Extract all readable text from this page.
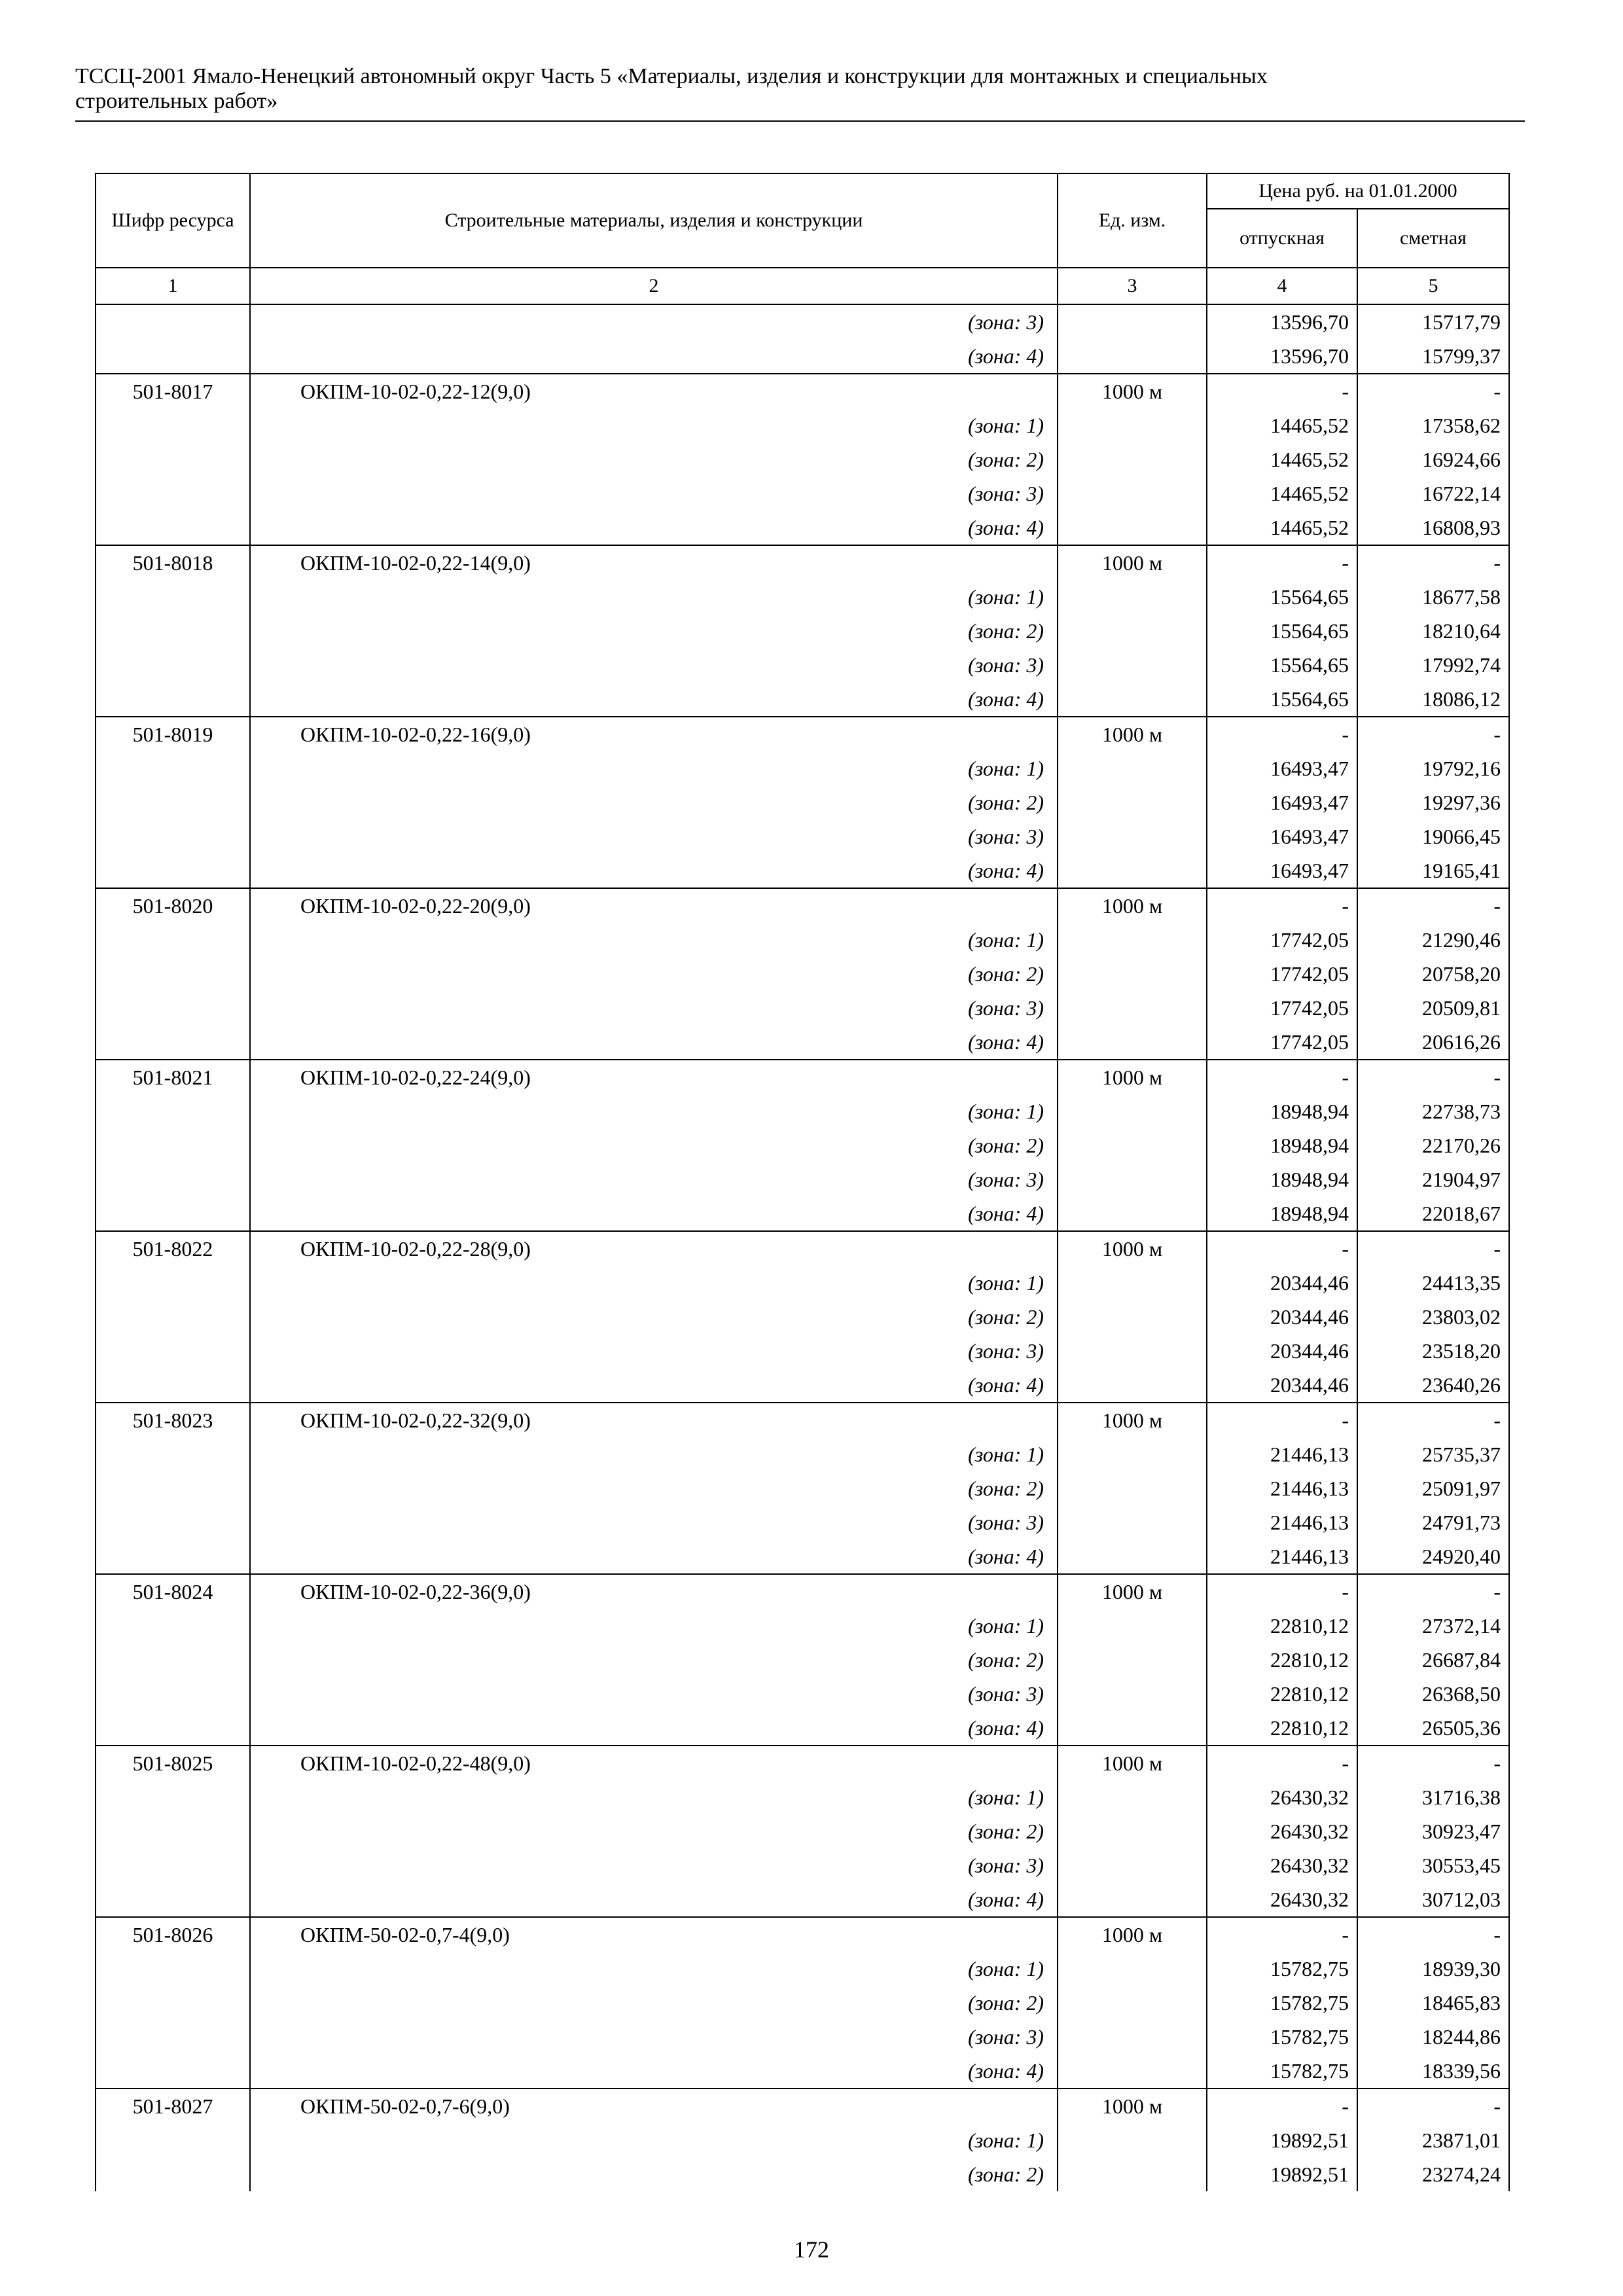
ТССЦ-2001 Ямало-Ненецкий автономный округ Часть 5 «Материалы, изделия и конструкции для монтажных и специальных
строительных работ»
Шифр ресурса	Строительные материалы, изделия и конструкции	Ед. изм.	Цена руб. на 01.01.2000	
			отпускная	сметная
1	2	3	4	5
	(зона: 3)		13596,70	15717,79
	(зона: 4)		13596,70	15799,37
501-8017	ОКПМ-10-02-0,22-12(9,0)	1000 м	-	-
	(зона: 1)		14465,52	17358,62
	(зона: 2)		14465,52	16924,66
	(зона: 3)		14465,52	16722,14
	(зона: 4)		14465,52	16808,93
501-8018	ОКПМ-10-02-0,22-14(9,0)	1000 м	-	-
	(зона: 1)		15564,65	18677,58
	(зона: 2)		15564,65	18210,64
	(зона: 3)		15564,65	17992,74
	(зона: 4)		15564,65	18086,12
501-8019	ОКПМ-10-02-0,22-16(9,0)	1000 м	-	-
	(зона: 1)		16493,47	19792,16
	(зона: 2)		16493,47	19297,36
	(зона: 3)		16493,47	19066,45
	(зона: 4)		16493,47	19165,41
501-8020	ОКПМ-10-02-0,22-20(9,0)	1000 м	-	-
	(зона: 1)		17742,05	21290,46
	(зона: 2)		17742,05	20758,20
	(зона: 3)		17742,05	20509,81
	(зона: 4)		17742,05	20616,26
501-8021	ОКПМ-10-02-0,22-24(9,0)	1000 м	-	-
	(зона: 1)		18948,94	22738,73
	(зона: 2)		18948,94	22170,26
	(зона: 3)		18948,94	21904,97
	(зона: 4)		18948,94	22018,67
501-8022	ОКПМ-10-02-0,22-28(9,0)	1000 м	-	-
	(зона: 1)		20344,46	24413,35
	(зона: 2)		20344,46	23803,02
	(зона: 3)		20344,46	23518,20
	(зона: 4)		20344,46	23640,26
501-8023	ОКПМ-10-02-0,22-32(9,0)	1000 м	-	-
	(зона: 1)		21446,13	25735,37
	(зона: 2)		21446,13	25091,97
	(зона: 3)		21446,13	24791,73
	(зона: 4)		21446,13	24920,40
501-8024	ОКПМ-10-02-0,22-36(9,0)	1000 м	-	-
	(зона: 1)		22810,12	27372,14
	(зона: 2)		22810,12	26687,84
	(зона: 3)		22810,12	26368,50
	(зона: 4)		22810,12	26505,36
501-8025	ОКПМ-10-02-0,22-48(9,0)	1000 м	-	-
	(зона: 1)		26430,32	31716,38
	(зона: 2)		26430,32	30923,47
	(зона: 3)		26430,32	30553,45
	(зона: 4)		26430,32	30712,03
501-8026	ОКПМ-50-02-0,7-4(9,0)	1000 м	-	-
	(зона: 1)		15782,75	18939,30
	(зона: 2)		15782,75	18465,83
	(зона: 3)		15782,75	18244,86
	(зона: 4)		15782,75	18339,56
501-8027	ОКПМ-50-02-0,7-6(9,0)	1000 м	-	-
	(зона: 1)		19892,51	23871,01
	(зона: 2)		19892,51	23274,24
172
